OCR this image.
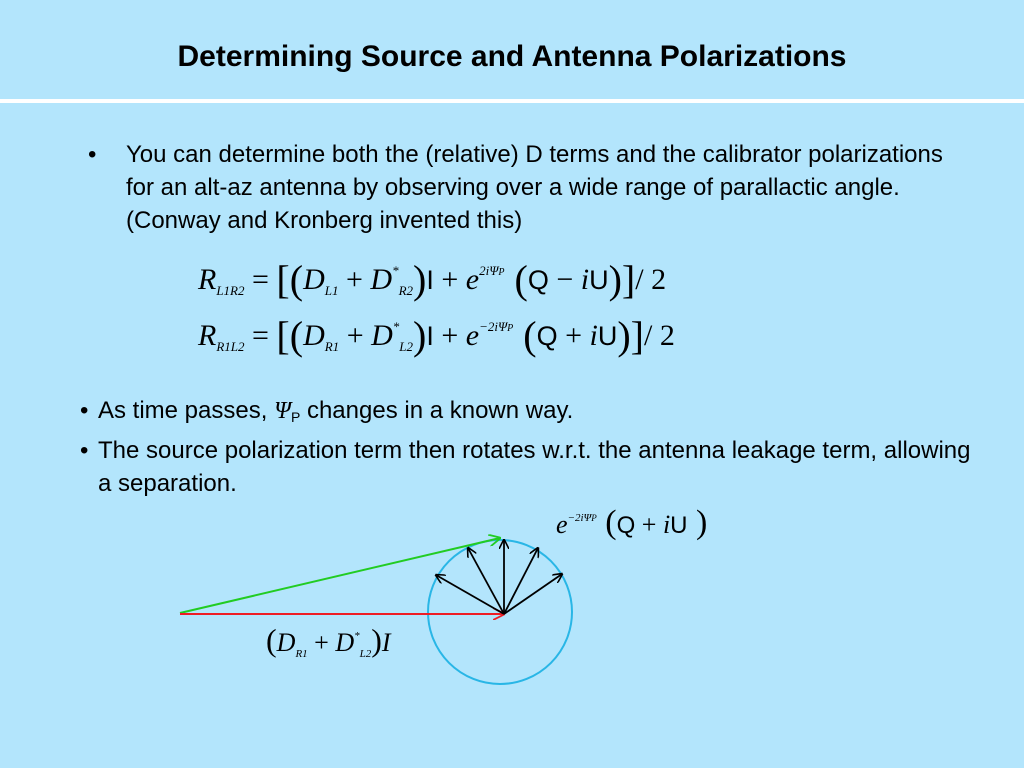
Determining Source and Antenna Polarizations
• You can determine both the (relative) D terms and the calibrator polarizations for an alt-az antenna by observing over a wide range of parallactic angle. (Conway and Kronberg invented this)
$R_{L1R2} = [(D_{L1} + D^*_{R2})I + e^{2i\Psi P}$ (Q − iU)]/ 2
$R_{R1L2} = [(D_{R1} + D^*_{L2})I + e^{-2i\Psi P}$ (Q + iU)]/ 2
• As time passes, ΨP changes in a known way.
• The source polarization term then rotates w.r.t. the antenna leakage term, allowing a separation.
$e^{-2i\Psi P}$ (Q + iU )
$(D_{R1} + D^*_{L2})I$
